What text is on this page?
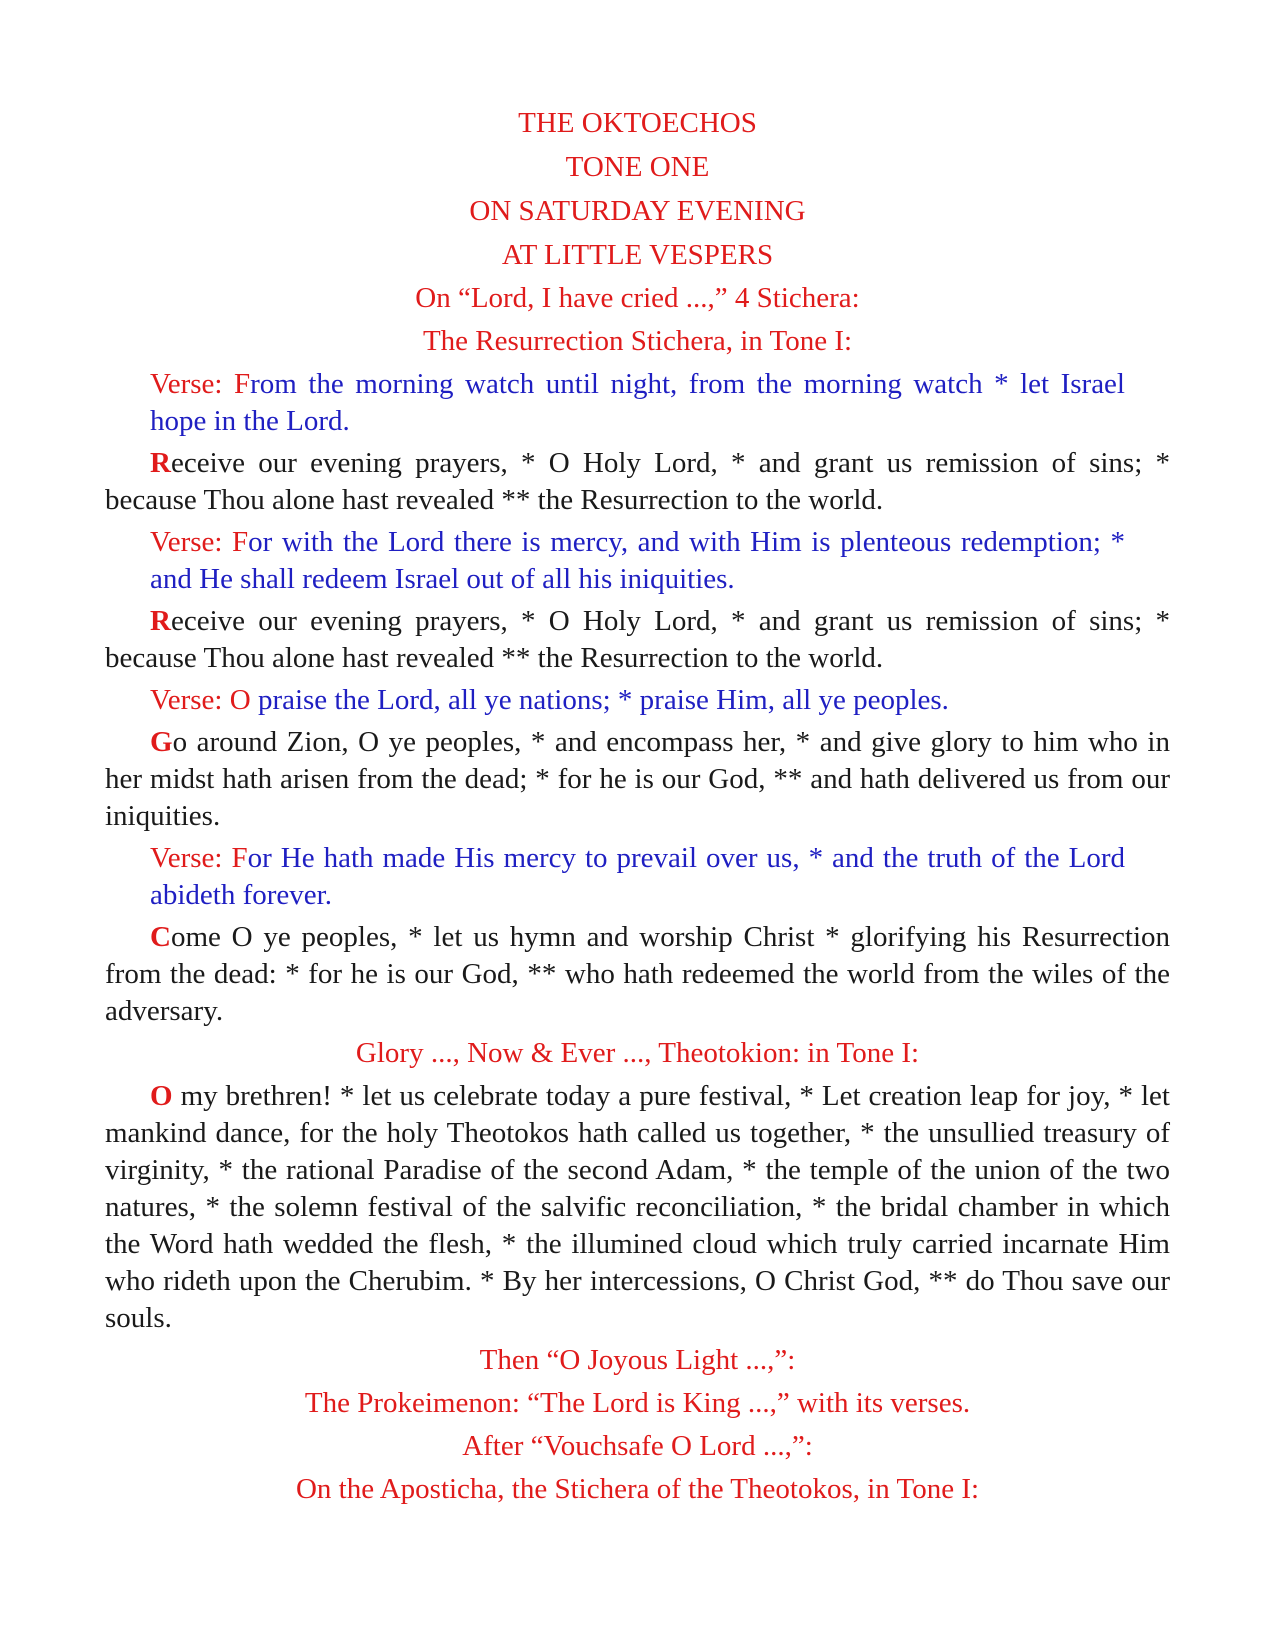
THE OKTOECHOS

TONE ONE

ON SATURDAY EVENING

AT LITTLE VESPERS

On “Lord, I have cried ...,” 4 Stichera:

The Resurrection Stichera, in Tone I:

Verse: From the morning watch until night, from the morning watch * let Israel hope in the Lord.

Receive our evening prayers, * O Holy Lord, * and grant us remission of sins; * because Thou alone hast revealed ** the Resurrection to the world.

Verse: For with the Lord there is mercy, and with Him is plenteous redemption; * and He shall redeem Israel out of all his iniquities.

Receive our evening prayers, * O Holy Lord, * and grant us remission of sins; * because Thou alone hast revealed ** the Resurrection to the world.

Verse: O praise the Lord, all ye nations; * praise Him, all ye peoples.

Go around Zion, O ye peoples, * and encompass her, * and give glory to him who in her midst hath arisen from the dead; * for he is our God, ** and hath delivered us from our iniquities.

Verse: For He hath made His mercy to prevail over us, * and the truth of the Lord abideth forever.

Come O ye peoples, * let us hymn and worship Christ * glorifying his Resurrection from the dead: * for he is our God, ** who hath redeemed the world from the wiles of the adversary.

Glory ..., Now & Ever ..., Theotokion: in Tone I:

O my brethren! * let us celebrate today a pure festival, * Let creation leap for joy, * let mankind dance, for the holy Theotokos hath called us together, * the unsullied treasury of virginity, * the rational Paradise of the second Adam, * the temple of the union of the two natures, * the solemn festival of the salvific reconciliation, * the bridal chamber in which the Word hath wedded the flesh, * the illumined cloud which truly carried incarnate Him who rideth upon the Cherubim. * By her intercessions, O Christ God, ** do Thou save our souls.

Then “O Joyous Light ...,”:

The Prokeimenon: “The Lord is King ...,” with its verses.

After “Vouchsafe O Lord ...,”:

On the Aposticha, the Stichera of the Theotokos, in Tone I:
